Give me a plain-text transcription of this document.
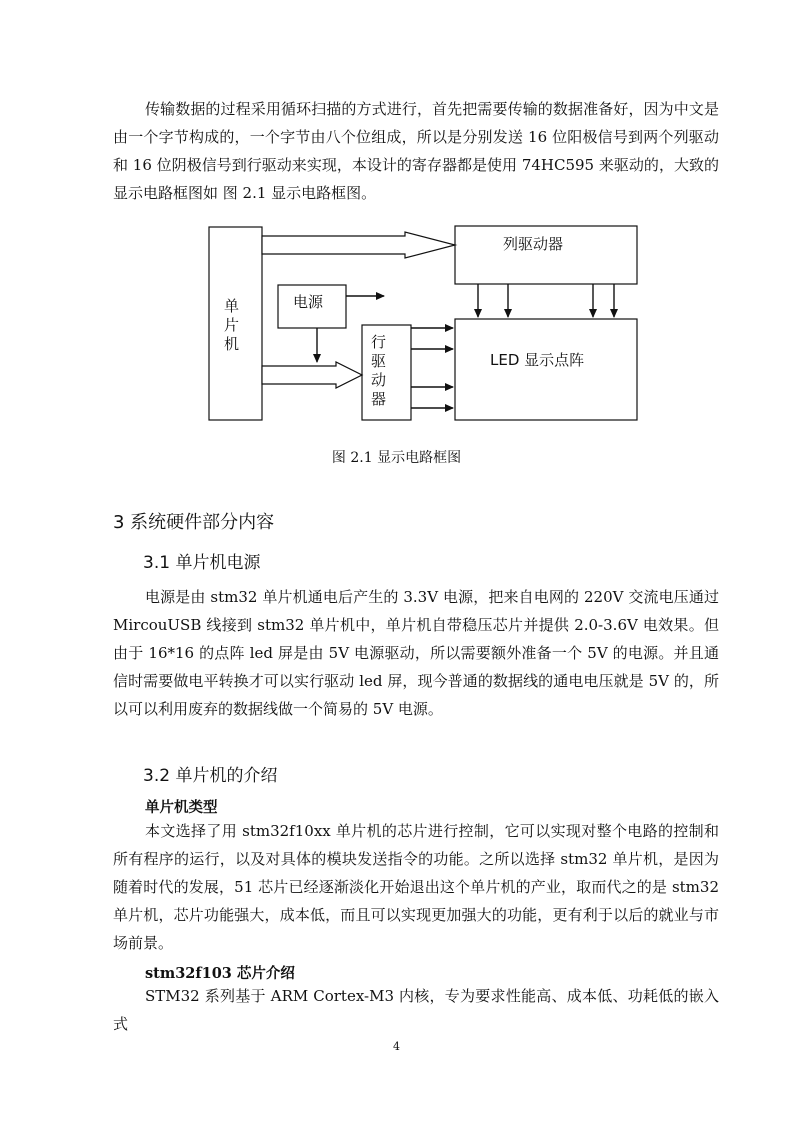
传输数据的过程采用循环扫描的方式进行，首先把需要传输的数据准备好，因为中文是由一个字节构成的，一个字节由八个位组成，所以是分别发送 16 位阳极信号到两个列驱动和 16 位阴极信号到行驱动来实现，本设计的寄存器都是使用 74HC595 来驱动的，大致的显示电路框图如 图 2.1 显示电路框图。

单
片
机
电源
列驱动器
行
驱
动
器
LED 显示点阵

图 2.1 显示电路框图

3 系统硬件部分内容
3.1 单片机电源

电源是由 stm32 单片机通电后产生的 3.3V 电源，把来自电网的 220V 交流电压通过 MircouUSB 线接到 stm32 单片机中，单片机自带稳压芯片并提供 2.0-3.6V 电效果。但由于 16*16 的点阵 led 屏是由 5V 电源驱动，所以需要额外准备一个 5V 的电源。并且通信时需要做电平转换才可以实行驱动 led 屏，现今普通的数据线的通电电压就是 5V 的，所以可以利用废弃的数据线做一个简易的 5V 电源。

3.2 单片机的介绍
单片机类型

本文选择了用 stm32f10xx 单片机的芯片进行控制，它可以实现对整个电路的控制和所有程序的运行，以及对具体的模块发送指令的功能。之所以选择 stm32 单片机，是因为随着时代的发展，51 芯片已经逐渐淡化开始退出这个单片机的产业，取而代之的是 stm32 单片机，芯片功能强大，成本低，而且可以实现更加强大的功能，更有利于以后的就业与市场前景。

stm32f103 芯片介绍

STM32 系列基于 ARM Cortex-M3 内核，专为要求性能高、成本低、功耗低的嵌入式

4
